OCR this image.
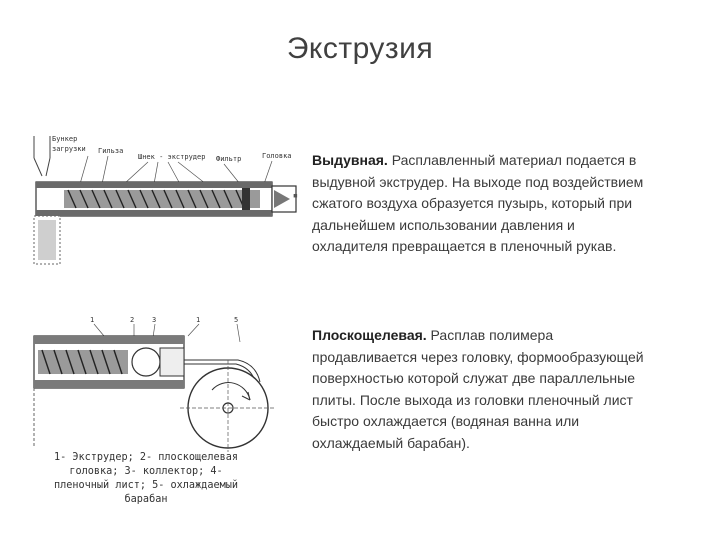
Экструзия
Бункер
загрузки Гильза
Шнек - экструдер Фильтр	Головка
1	2	3	1	5
1- Экструдер; 2- плоскощелевая
головка; 3- коллектор; 4-
пленочный лист; 5- охлаждаемый
барабан
▪
Выдувная. Расплавленный материал подается в
выдувной экструдер. На выходе под воздействием
сжатого воздуха образуется пузырь, который при
дальнейшем использовании давления и
охладителя превращается в пленочный рукав.
Плоскощелевая. Расплав полимера
продавливается через головку, формообразующей
поверхностью которой служат две параллельные
плиты. После выхода из головки пленочный лист
быстро охлаждается (водяная ванна или
охлаждаемый барабан).
